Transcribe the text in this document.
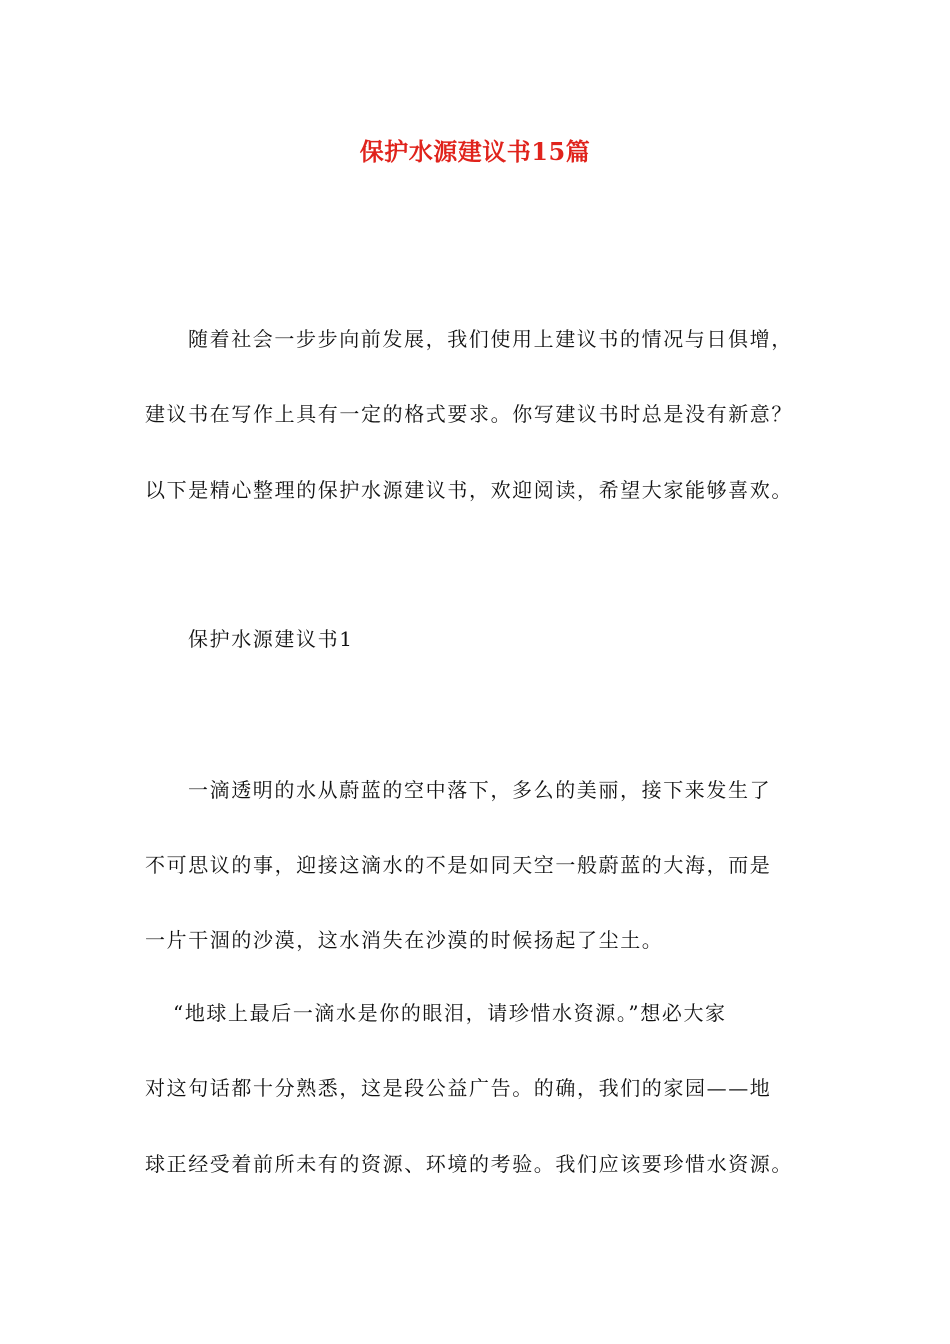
保护水源建议书15篇
随着社会一步步向前发展，我们使用上建议书的情况与日俱增，
建议书在写作上具有一定的格式要求。你写建议书时总是没有新意？
以下是精心整理的保护水源建议书，欢迎阅读，希望大家能够喜欢。
保护水源建议书1
一滴透明的水从蔚蓝的空中落下，多么的美丽，接下来发生了
不可思议的事，迎接这滴水的不是如同天空一般蔚蓝的大海，而是
一片干涸的沙漠，这水消失在沙漠的时候扬起了尘土。
“地球上最后一滴水是你的眼泪，请珍惜水资源。”想必大家
对这句话都十分熟悉，这是段公益广告。的确，我们的家园——地
球正经受着前所未有的资源、环境的考验。我们应该要珍惜水资源。
